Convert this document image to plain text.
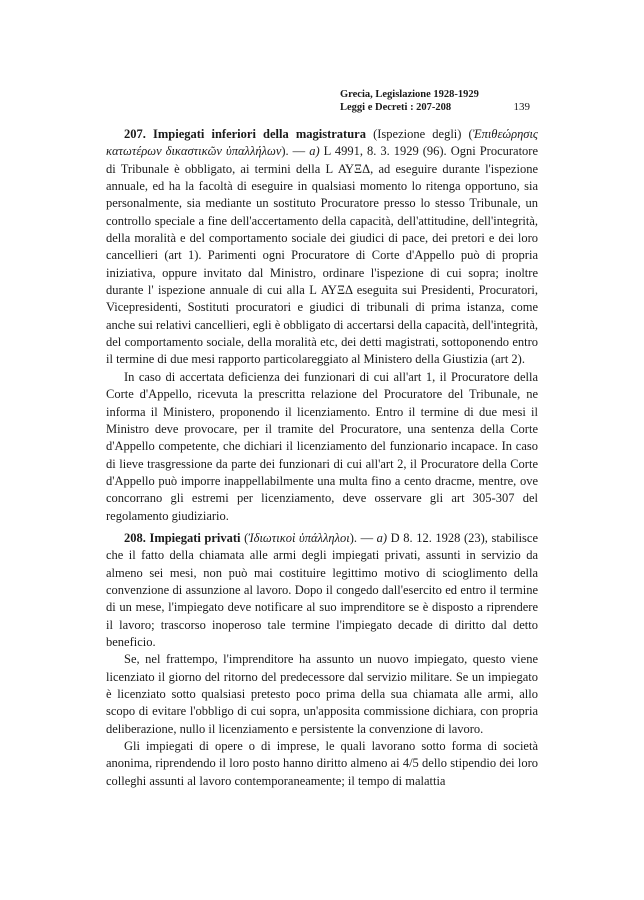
Grecia, Legislazione 1928-1929
Leggi e Decreti : 207-208	139

207. Impiegati inferiori della magistratura (Ispezione degli) (Ἐπιθεώρησις κατωτέρων δικαστικῶν ὑπαλλήλων). — a) L 4991, 8. 3. 1929 (96). Ogni Procuratore di Tribunale è obbligato, ai termini della L ΑΥΞΔ, ad eseguire durante l'ispezione annuale, ed ha la facoltà di eseguire in qualsiasi momento lo ritenga opportuno, sia personalmente, sia mediante un sostituto Procuratore presso lo stesso Tribunale, un controllo speciale a fine dell'accertamento della capacità, dell'attitudine, dell'integrità, della moralità e del comportamento sociale dei giudici di pace, dei pretori e dei loro cancellieri (art 1). Parimenti ogni Procuratore di Corte d'Appello può di propria iniziativa, oppure invitato dal Ministro, ordinare l'ispezione di cui sopra; inoltre durante l' ispezione annuale di cui alla L ΑΥΞΔ eseguita sui Presidenti, Procuratori, Vicepresidenti, Sostituti procuratori e giudici di tribunali di prima istanza, come anche sui relativi cancellieri, egli è obbligato di accertarsi della capacità, dell'integrità, del comportamento sociale, della moralità etc, dei detti magistrati, sottoponendo entro il termine di due mesi rapporto particolareggiato al Ministero della Giustizia (art 2).

In caso di accertata deficienza dei funzionari di cui all'art 1, il Procuratore della Corte d'Appello, ricevuta la prescritta relazione del Procuratore del Tribunale, ne informa il Ministero, proponendo il licenziamento. Entro il termine di due mesi il Ministro deve provocare, per il tramite del Procuratore, una sentenza della Corte d'Appello competente, che dichiari il licenziamento del funzionario incapace. In caso di lieve trasgressione da parte dei funzionari di cui all'art 2, il Procuratore della Corte d'Appello può imporre inappellabilmente una multa fino a cento dracme, mentre, ove concorrano gli estremi per licenziamento, deve osservare gli art 305-307 del regolamento giudiziario.

208. Impiegati privati (Ἰδιωτικοὶ ὑπάλληλοι). — a) D 8. 12. 1928 (23), stabilisce che il fatto della chiamata alle armi degli impiegati privati, assunti in servizio da almeno sei mesi, non può mai costituire legittimo motivo di scioglimento della convenzione di assunzione al lavoro. Dopo il congedo dall'esercito ed entro il termine di un mese, l'impiegato deve notificare al suo imprenditore se è disposto a riprendere il lavoro; trascorso inoperoso tale termine l'impiegato decade di diritto dal detto beneficio.

Se, nel frattempo, l'imprenditore ha assunto un nuovo impiegato, questo viene licenziato il giorno del ritorno del predecessore dal servizio militare. Se un impiegato è licenziato sotto qualsiasi pretesto poco prima della sua chiamata alle armi, allo scopo di evitare l'obbligo di cui sopra, un'apposita commissione dichiara, con propria deliberazione, nullo il licenziamento e persistente la convenzione di lavoro.

Gli impiegati di opere o di imprese, le quali lavorano sotto forma di società anonima, riprendendo il loro posto hanno diritto almeno ai 4/5 dello stipendio dei loro colleghi assunti al lavoro contemporaneamente; il tempo di malattia
